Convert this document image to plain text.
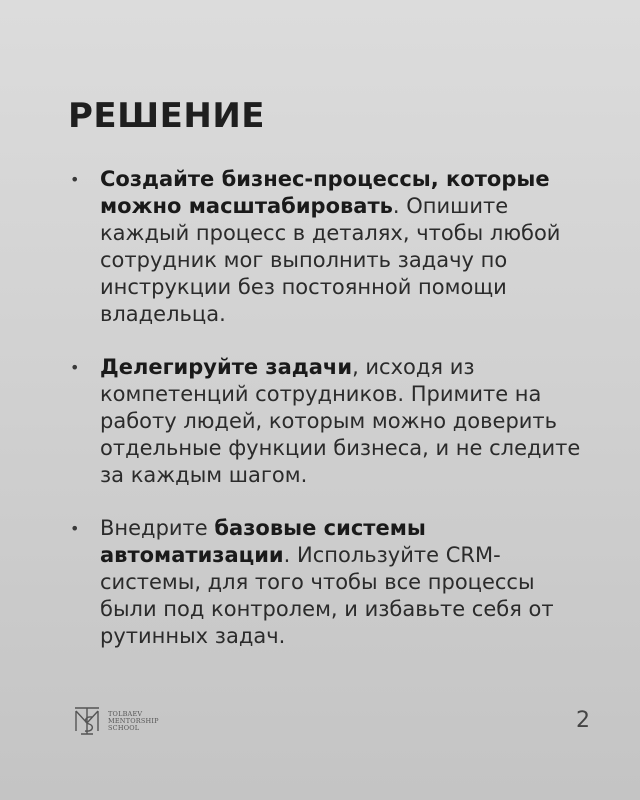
РЕШЕНИЕ
• Создайте бизнес-процессы, которые можно масштабировать. Опишите каждый процесс в деталях, чтобы любой сотрудник мог выполнить задачу по инструкции без постоянной помощи владельца.
• Делегируйте задачи, исходя из компетенций сотрудников. Примите на работу людей, которым можно доверить отдельные функции бизнеса, и не следите за каждым шагом.
• Внедрите базовые системы автоматизации. Используйте CRM-системы, для того чтобы все процессы были под контролем, и избавьте себя от рутинных задач.
TOLBAEV
MENTORSHIP
SCHOOL	2
